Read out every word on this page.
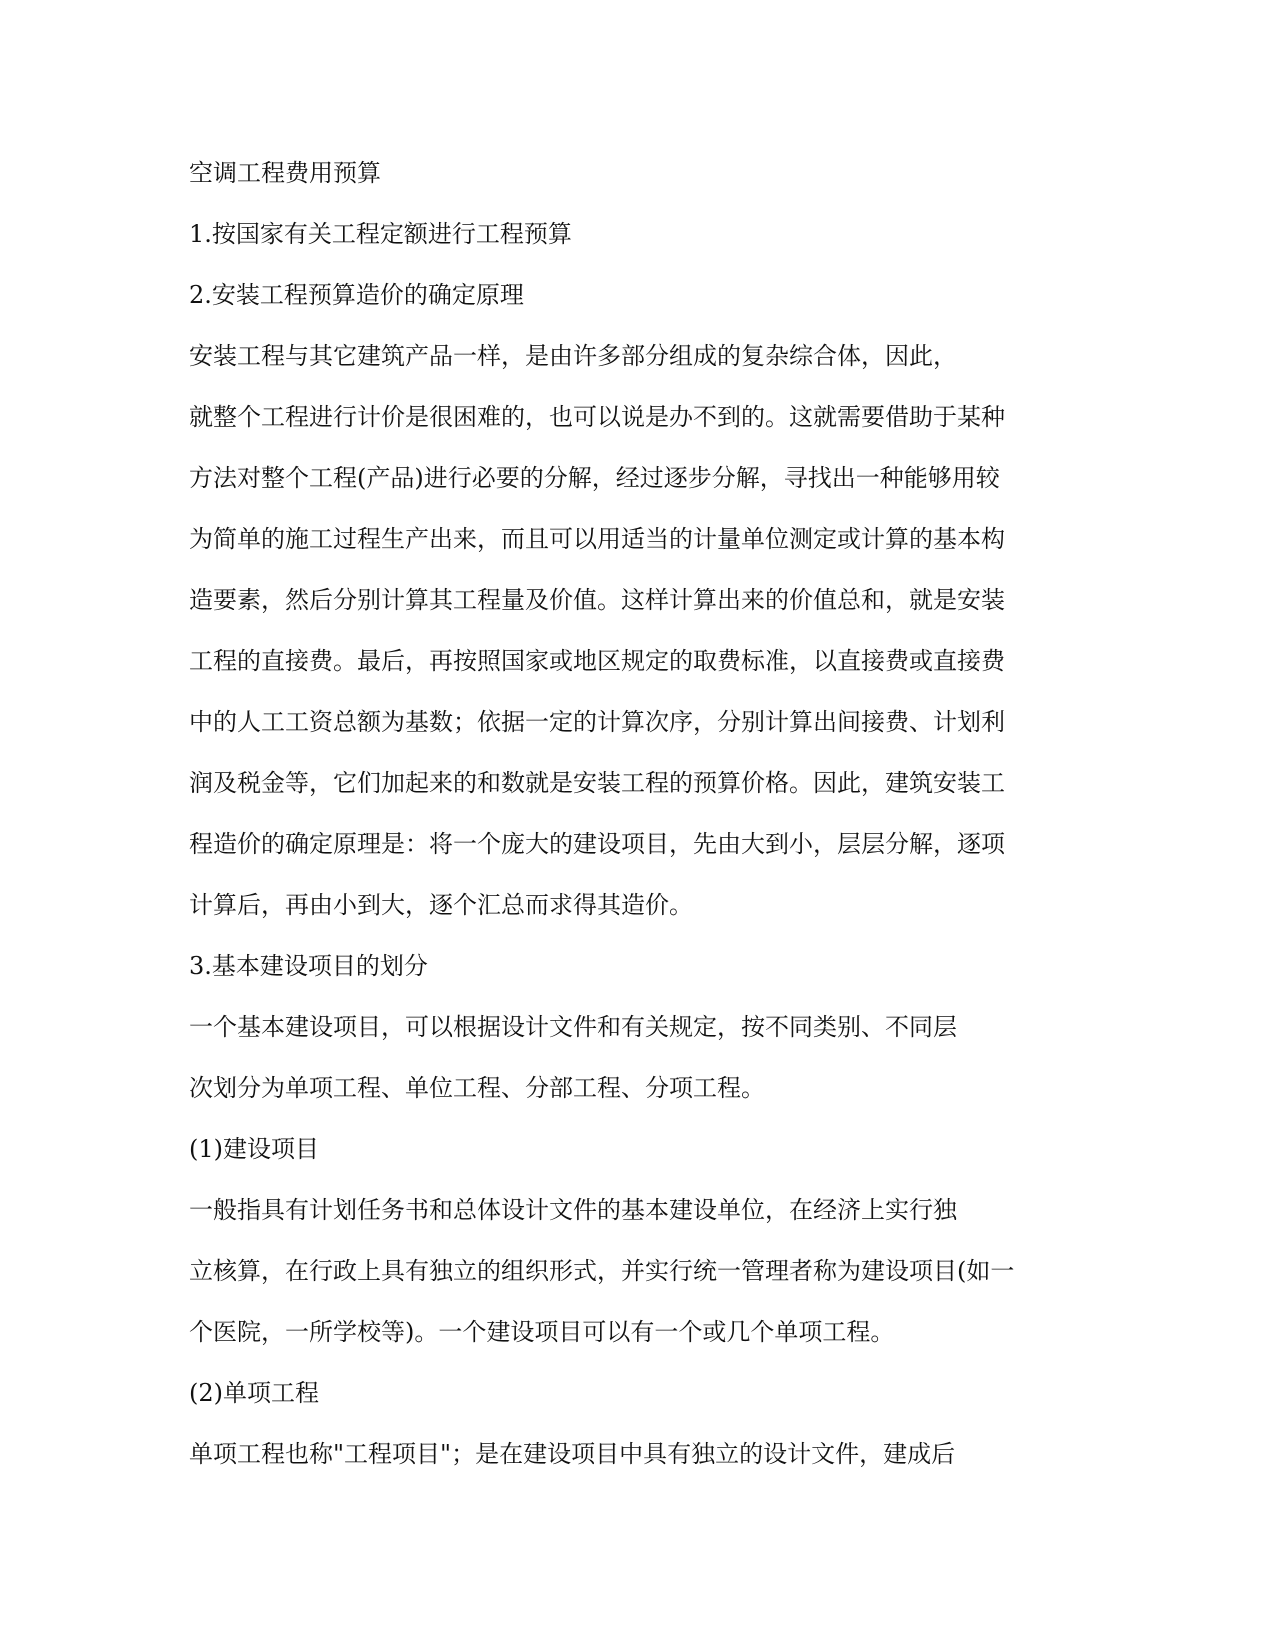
空调工程费用预算
1.按国家有关工程定额进行工程预算
2.安装工程预算造价的确定原理
安装工程与其它建筑产品一样，是由许多部分组成的复杂综合体，因此，
就整个工程进行计价是很困难的，也可以说是办不到的。这就需要借助于某种
方法对整个工程(产品)进行必要的分解，经过逐步分解，寻找出一种能够用较
为简单的施工过程生产出来，而且可以用适当的计量单位测定或计算的基本构
造要素，然后分别计算其工程量及价值。这样计算出来的价值总和，就是安装
工程的直接费。最后，再按照国家或地区规定的取费标准，以直接费或直接费
中的人工工资总额为基数；依据一定的计算次序，分别计算出间接费、计划利
润及税金等，它们加起来的和数就是安装工程的预算价格。因此，建筑安装工
程造价的确定原理是：将一个庞大的建设项目，先由大到小，层层分解，逐项
计算后，再由小到大，逐个汇总而求得其造价。
3.基本建设项目的划分
一个基本建设项目，可以根据设计文件和有关规定，按不同类别、不同层
次划分为单项工程、单位工程、分部工程、分项工程。
(1)建设项目
一般指具有计划任务书和总体设计文件的基本建设单位，在经济上实行独
立核算，在行政上具有独立的组织形式，并实行统一管理者称为建设项目(如一
个医院，一所学校等)。一个建设项目可以有一个或几个单项工程。
(2)单项工程
单项工程也称"工程项目"；是在建设项目中具有独立的设计文件，建成后
